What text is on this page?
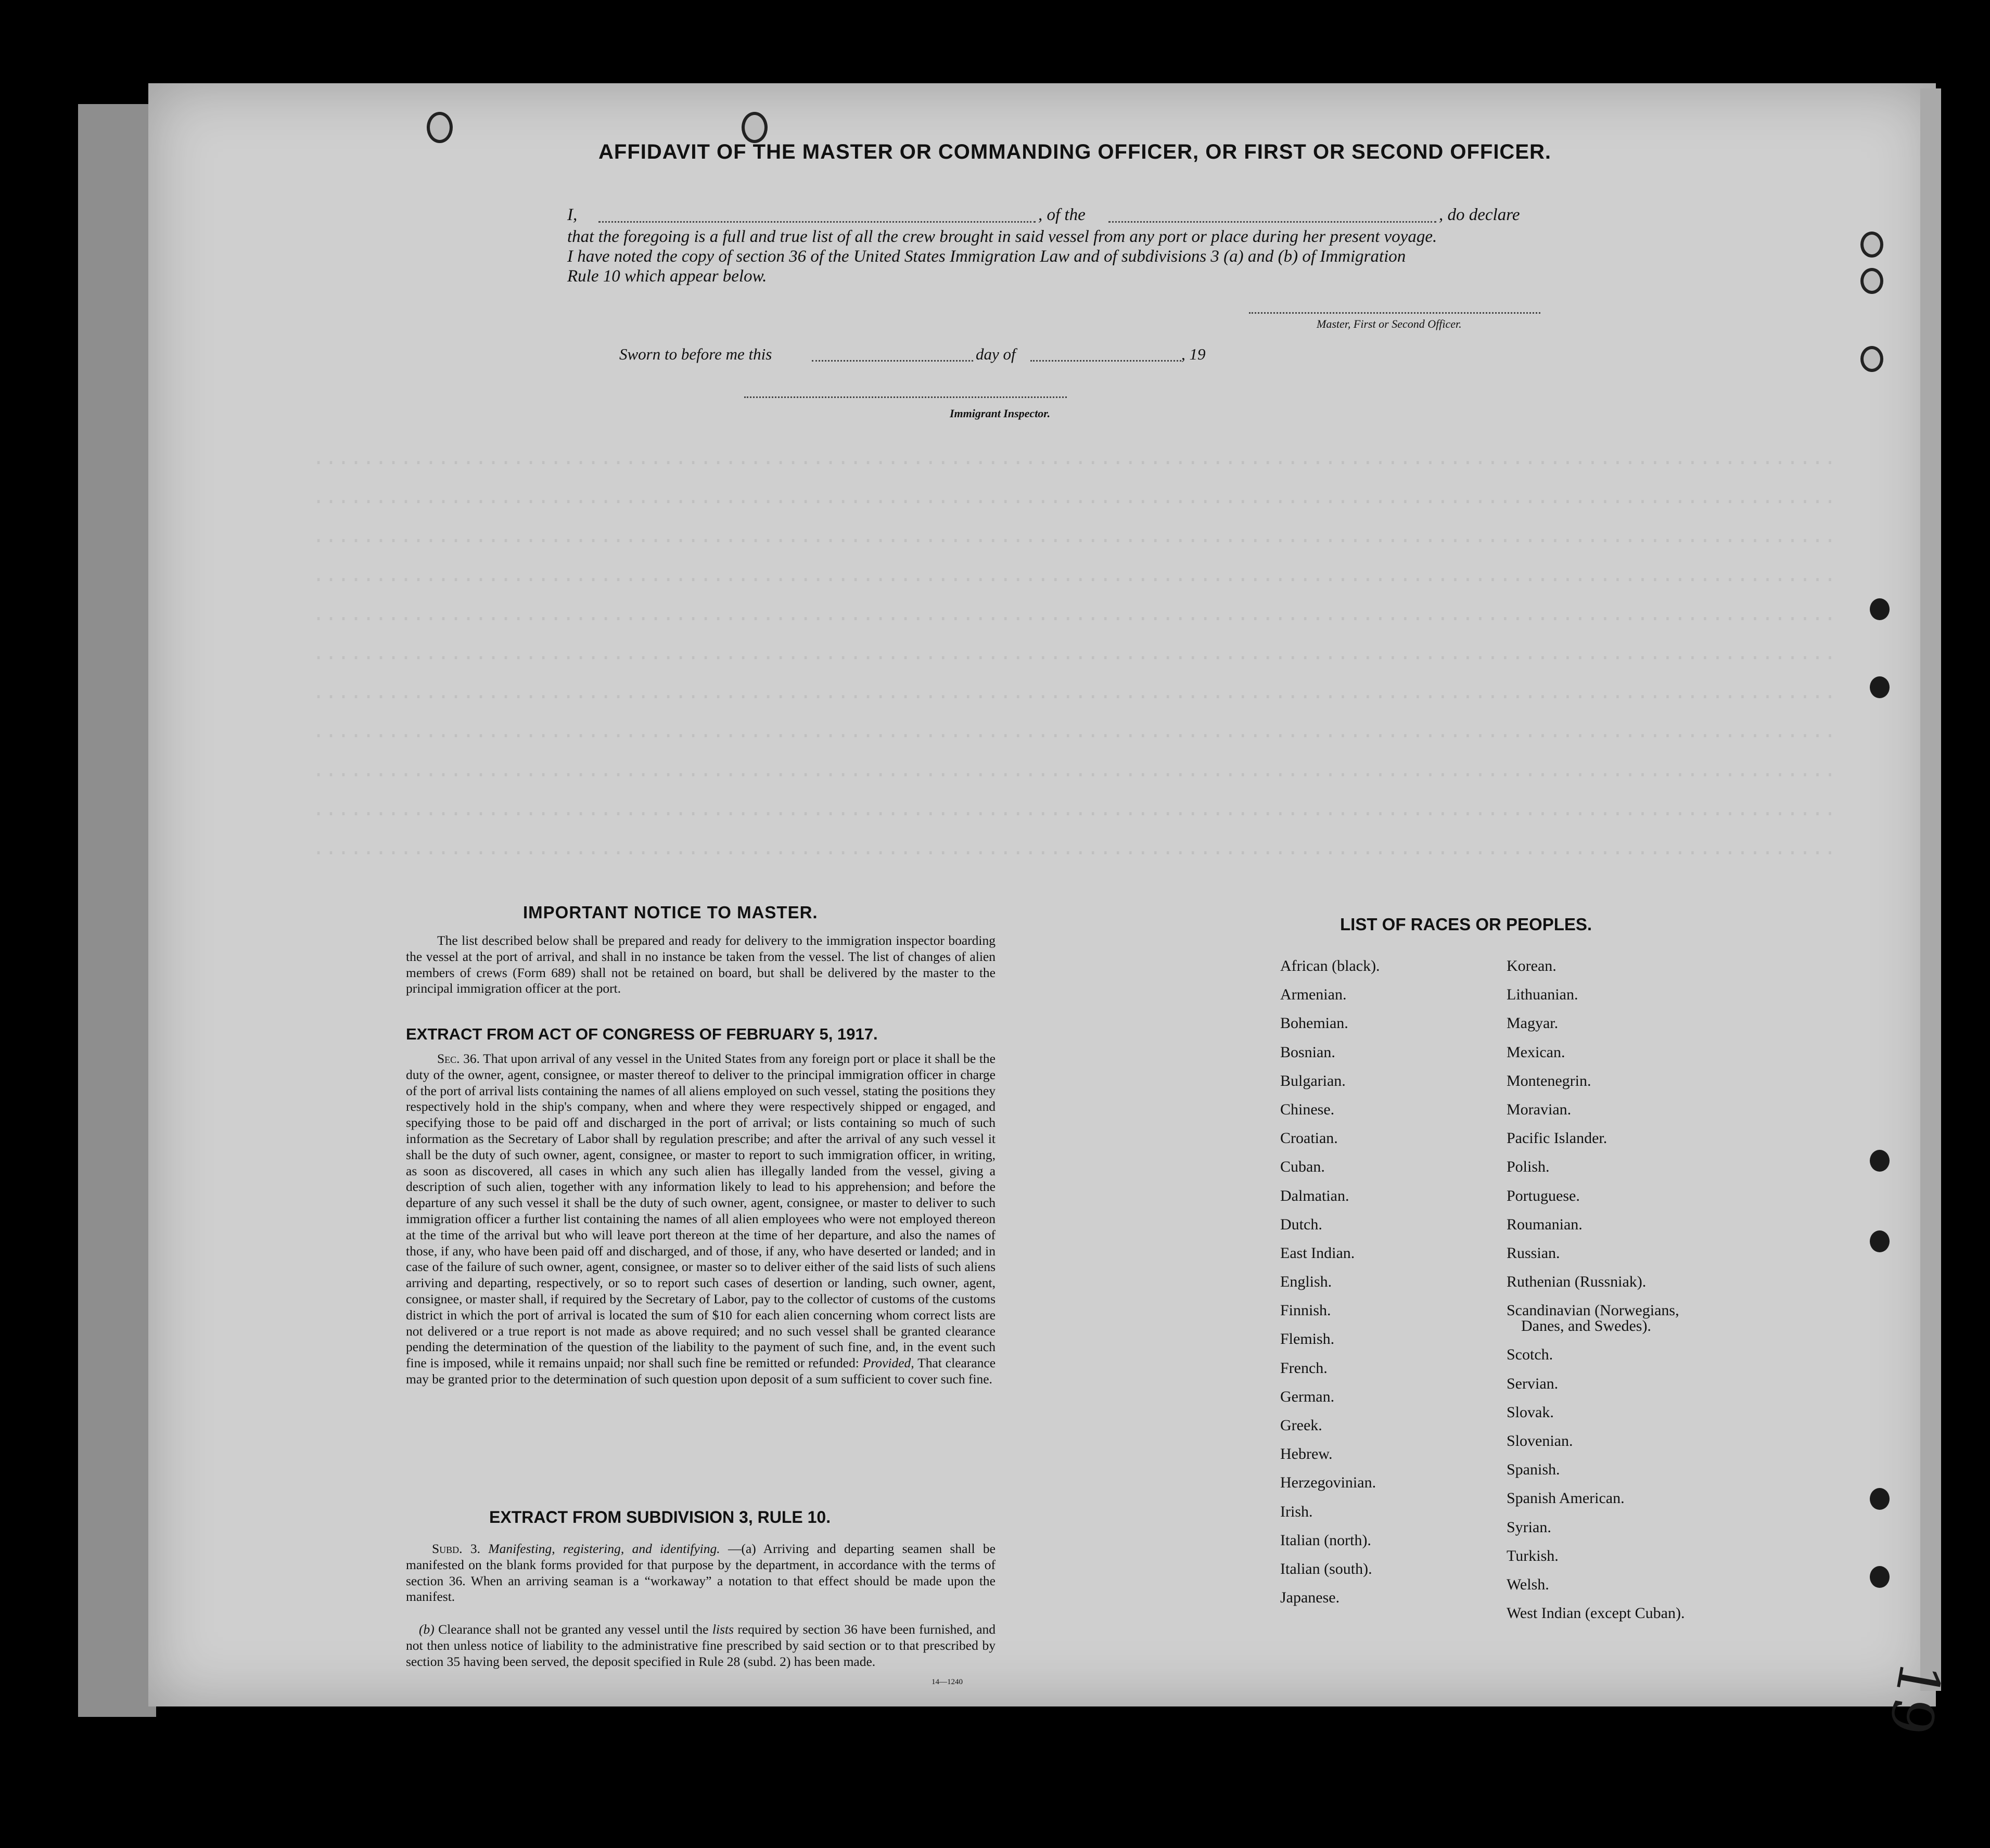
..........................................................................................................................
..........................................................................................................................
..........................................................................................................................
..........................................................................................................................
..........................................................................................................................
..........................................................................................................................
..........................................................................................................................
..........................................................................................................................
..........................................................................................................................
..........................................................................................................................
..........................................................................................................................
AFFIDAVIT OF THE MASTER OR COMMANDING OFFICER, OR FIRST OR SECOND OFFICER.
I,	, of the	, do declare
that the foregoing is a full and true list of all the crew brought in said vessel from any port or place during her present voyage.
I have noted the copy of section 36 of the United States Immigration Law and of subdivisions 3 (a) and (b) of Immigration
Rule 10 which appear below.
Master, First or Second Officer.
Sworn to before me this	day of	, 19
Immigrant Inspector.
IMPORTANT NOTICE TO MASTER.
The list described below shall be prepared and ready for delivery to the immigration inspector boarding the vessel at the port of arrival, and shall in no instance be taken from the vessel. The list of changes of alien members of crews (Form 689) shall not be retained on board, but shall be delivered by the master to the principal immigration officer at the port.
EXTRACT FROM ACT OF CONGRESS OF FEBRUARY 5, 1917.
Sec. 36. That upon arrival of any vessel in the United States from any foreign port or place it shall be the duty of the owner, agent, consignee, or master thereof to deliver to the principal immigration officer in charge of the port of arrival lists containing the names of all aliens employed on such vessel, stating the positions they respectively hold in the ship's company, when and where they were respectively shipped or engaged, and specifying those to be paid off and discharged in the port of arrival; or lists containing so much of such information as the Secretary of Labor shall by regulation prescribe; and after the arrival of any such vessel it shall be the duty of such owner, agent, consignee, or master to report to such immigration officer, in writing, as soon as discovered, all cases in which any such alien has illegally landed from the vessel, giving a description of such alien, together with any information likely to lead to his apprehension; and before the departure of any such vessel it shall be the duty of such owner, agent, consignee, or master to deliver to such immigration officer a further list containing the names of all alien employees who were not employed thereon at the time of the arrival but who will leave port thereon at the time of her departure, and also the names of those, if any, who have been paid off and discharged, and of those, if any, who have deserted or landed; and in case of the failure of such owner, agent, consignee, or master so to deliver either of the said lists of such aliens arriving and departing, respectively, or so to report such cases of desertion or landing, such owner, agent, consignee, or master shall, if required by the Secretary of Labor, pay to the collector of customs of the customs district in which the port of arrival is located the sum of $10 for each alien concerning whom correct lists are not delivered or a true report is not made as above required; and no such vessel shall be granted clearance pending the determination of the question of the liability to the payment of such fine, and, in the event such fine is imposed, while it remains unpaid; nor shall such fine be remitted or refunded: Provided, That clearance may be granted prior to the determination of such question upon deposit of a sum sufficient to cover such fine.
EXTRACT FROM SUBDIVISION 3, RULE 10.
Subd. 3. Manifesting, registering, and identifying. —(a) Arriving and departing seamen shall be manifested on the blank forms provided for that purpose by the department, in accordance with the terms of section 36. When an arriving seaman is a “workaway” a notation to that effect should be made upon the manifest.
(b) Clearance shall not be granted any vessel until the lists required by section 36 have been furnished, and not then unless notice of liability to the administrative fine prescribed by said section or to that prescribed by section 35 having been served, the deposit specified in Rule 28 (subd. 2) has been made.
14—1240
LIST OF RACES OR PEOPLES.
African (black).
Armenian.
Bohemian.
Bosnian.
Bulgarian.
Chinese.
Croatian.
Cuban.
Dalmatian.
Dutch.
East Indian.
English.
Finnish.
Flemish.
French.
German.
Greek.
Hebrew.
Herzegovinian.
Irish.
Italian (north).
Italian (south).
Japanese.
Korean.
Lithuanian.
Magyar.
Mexican.
Montenegrin.
Moravian.
Pacific Islander.
Polish.
Portuguese.
Roumanian.
Russian.
Ruthenian (Russniak).
Scandinavian (Norwegians,
Danes, and Swedes).
Scotch.
Servian.
Slovak.
Slovenian.
Spanish.
Spanish American.
Syrian.
Turkish.
Welsh.
West Indian (except Cuban).
19
